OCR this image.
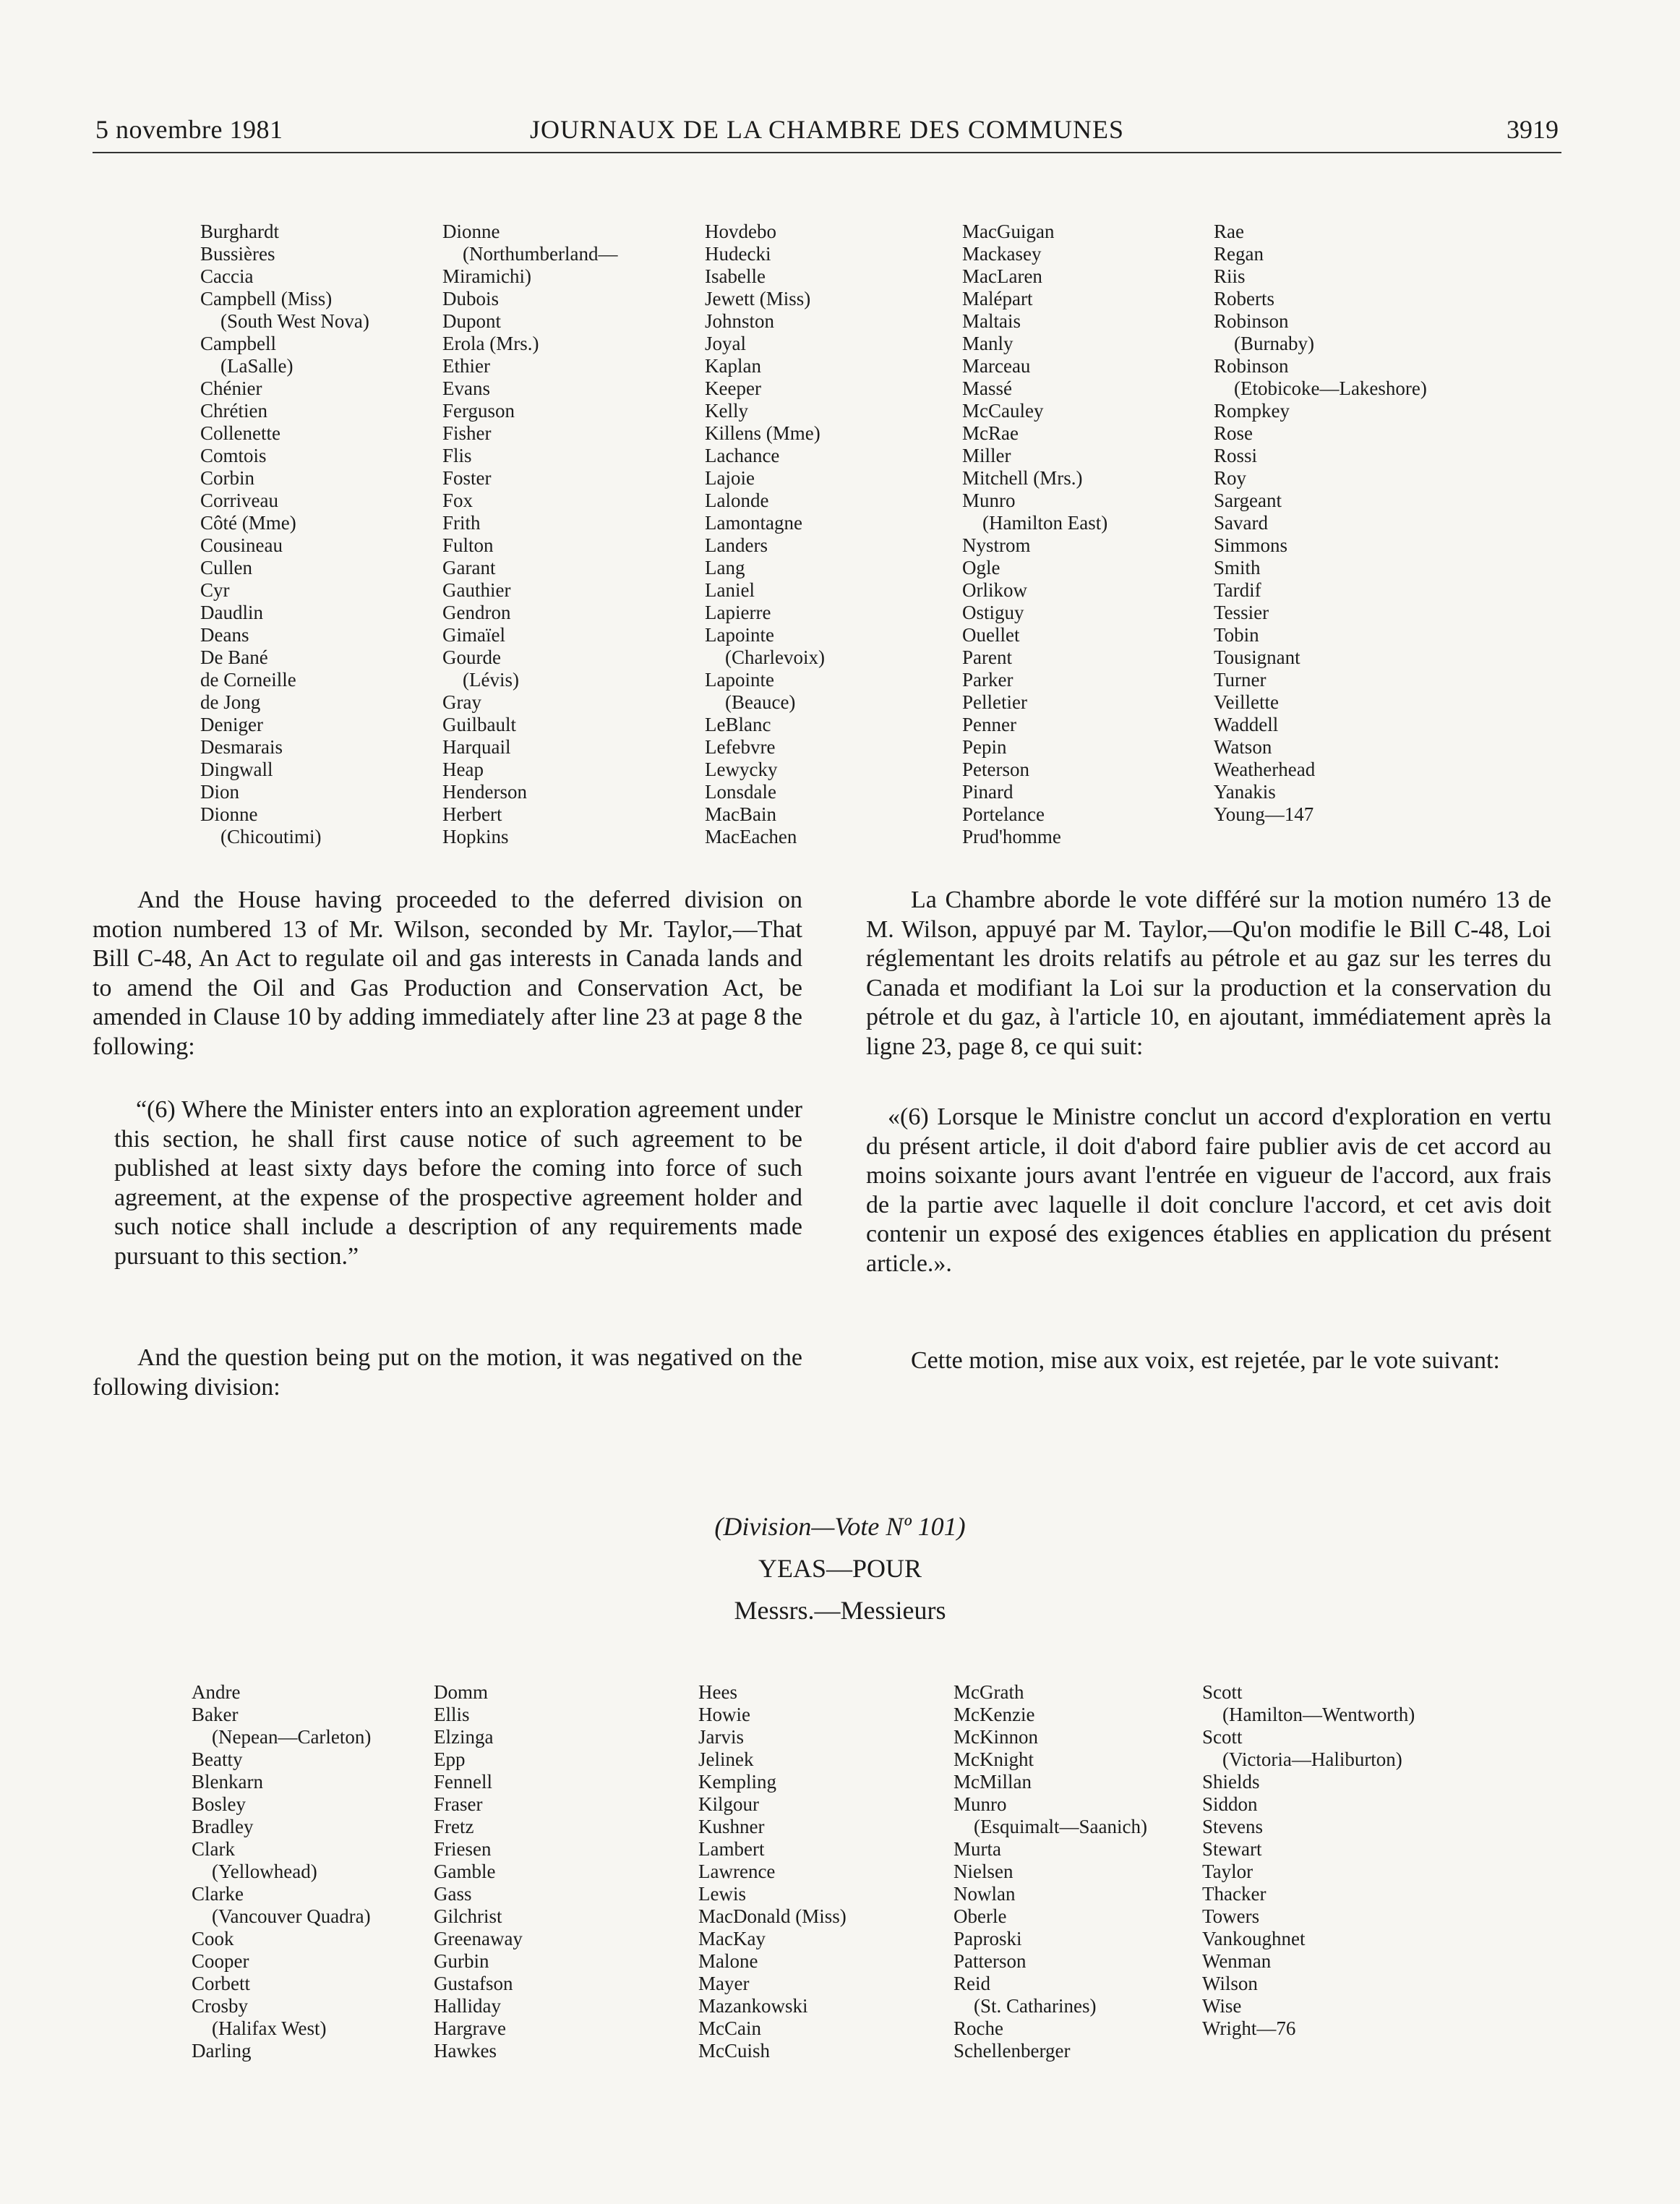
5 novembre 1981	JOURNAUX DE LA CHAMBRE DES COMMUNES	3919
Burghardt
Bussières
Caccia
Campbell (Miss)
(South West Nova)
Campbell
(LaSalle)
Chénier
Chrétien
Collenette
Comtois
Corbin
Corriveau
Côté (Mme)
Cousineau
Cullen
Cyr
Daudlin
Deans
De Bané
de Corneille
de Jong
Deniger
Desmarais
Dingwall
Dion
Dionne
(Chicoutimi)
Dionne
(Northumberland—
Miramichi)
Dubois
Dupont
Erola (Mrs.)
Ethier
Evans
Ferguson
Fisher
Flis
Foster
Fox
Frith
Fulton
Garant
Gauthier
Gendron
Gimaïel
Gourde
(Lévis)
Gray
Guilbault
Harquail
Heap
Henderson
Herbert
Hopkins
Hovdebo
Hudecki
Isabelle
Jewett (Miss)
Johnston
Joyal
Kaplan
Keeper
Kelly
Killens (Mme)
Lachance
Lajoie
Lalonde
Lamontagne
Landers
Lang
Laniel
Lapierre
Lapointe
(Charlevoix)
Lapointe
(Beauce)
LeBlanc
Lefebvre
Lewycky
Lonsdale
MacBain
MacEachen
MacGuigan
Mackasey
MacLaren
Malépart
Maltais
Manly
Marceau
Massé
McCauley
McRae
Miller
Mitchell (Mrs.)
Munro
(Hamilton East)
Nystrom
Ogle
Orlikow
Ostiguy
Ouellet
Parent
Parker
Pelletier
Penner
Pepin
Peterson
Pinard
Portelance
Prud'homme
Rae
Regan
Riis
Roberts
Robinson
(Burnaby)
Robinson
(Etobicoke—Lakeshore)
Rompkey
Rose
Rossi
Roy
Sargeant
Savard
Simmons
Smith
Tardif
Tessier
Tobin
Tousignant
Turner
Veillette
Waddell
Watson
Weatherhead
Yanakis
Young—147
And the House having proceeded to the deferred division on motion numbered 13 of Mr. Wilson, seconded by Mr. Taylor,—That Bill C-48, An Act to regulate oil and gas interests in Canada lands and to amend the Oil and Gas Production and Conservation Act, be amended in Clause 10 by adding immediately after line 23 at page 8 the following:
La Chambre aborde le vote différé sur la motion numéro 13 de M. Wilson, appuyé par M. Taylor,—Qu'on modifie le Bill C-48, Loi réglementant les droits relatifs au pétrole et au gaz sur les terres du Canada et modifiant la Loi sur la production et la conservation du pétrole et du gaz, à l'article 10, en ajoutant, immédiatement après la ligne 23, page 8, ce qui suit:
“(6) Where the Minister enters into an exploration agreement under this section, he shall first cause notice of such agreement to be published at least sixty days before the coming into force of such agreement, at the expense of the prospective agreement holder and such notice shall include a description of any requirements made pursuant to this section.”
«(6) Lorsque le Ministre conclut un accord d'exploration en vertu du présent article, il doit d'abord faire publier avis de cet accord au moins soixante jours avant l'entrée en vigueur de l'accord, aux frais de la partie avec laquelle il doit conclure l'accord, et cet avis doit contenir un exposé des exigences établies en application du présent article.».
And the question being put on the motion, it was negatived on the following division:
Cette motion, mise aux voix, est rejetée, par le vote suivant:
(Division—Vote Nº 101)
YEAS—POUR
Messrs.—Messieurs
Andre
Baker
(Nepean—Carleton)
Beatty
Blenkarn
Bosley
Bradley
Clark
(Yellowhead)
Clarke
(Vancouver Quadra)
Cook
Cooper
Corbett
Crosby
(Halifax West)
Darling
Domm
Ellis
Elzinga
Epp
Fennell
Fraser
Fretz
Friesen
Gamble
Gass
Gilchrist
Greenaway
Gurbin
Gustafson
Halliday
Hargrave
Hawkes
Hees
Howie
Jarvis
Jelinek
Kempling
Kilgour
Kushner
Lambert
Lawrence
Lewis
MacDonald (Miss)
MacKay
Malone
Mayer
Mazankowski
McCain
McCuish
McGrath
McKenzie
McKinnon
McKnight
McMillan
Munro
(Esquimalt—Saanich)
Murta
Nielsen
Nowlan
Oberle
Paproski
Patterson
Reid
(St. Catharines)
Roche
Schellenberger
Scott
(Hamilton—Wentworth)
Scott
(Victoria—Haliburton)
Shields
Siddon
Stevens
Stewart
Taylor
Thacker
Towers
Vankoughnet
Wenman
Wilson
Wise
Wright—76
